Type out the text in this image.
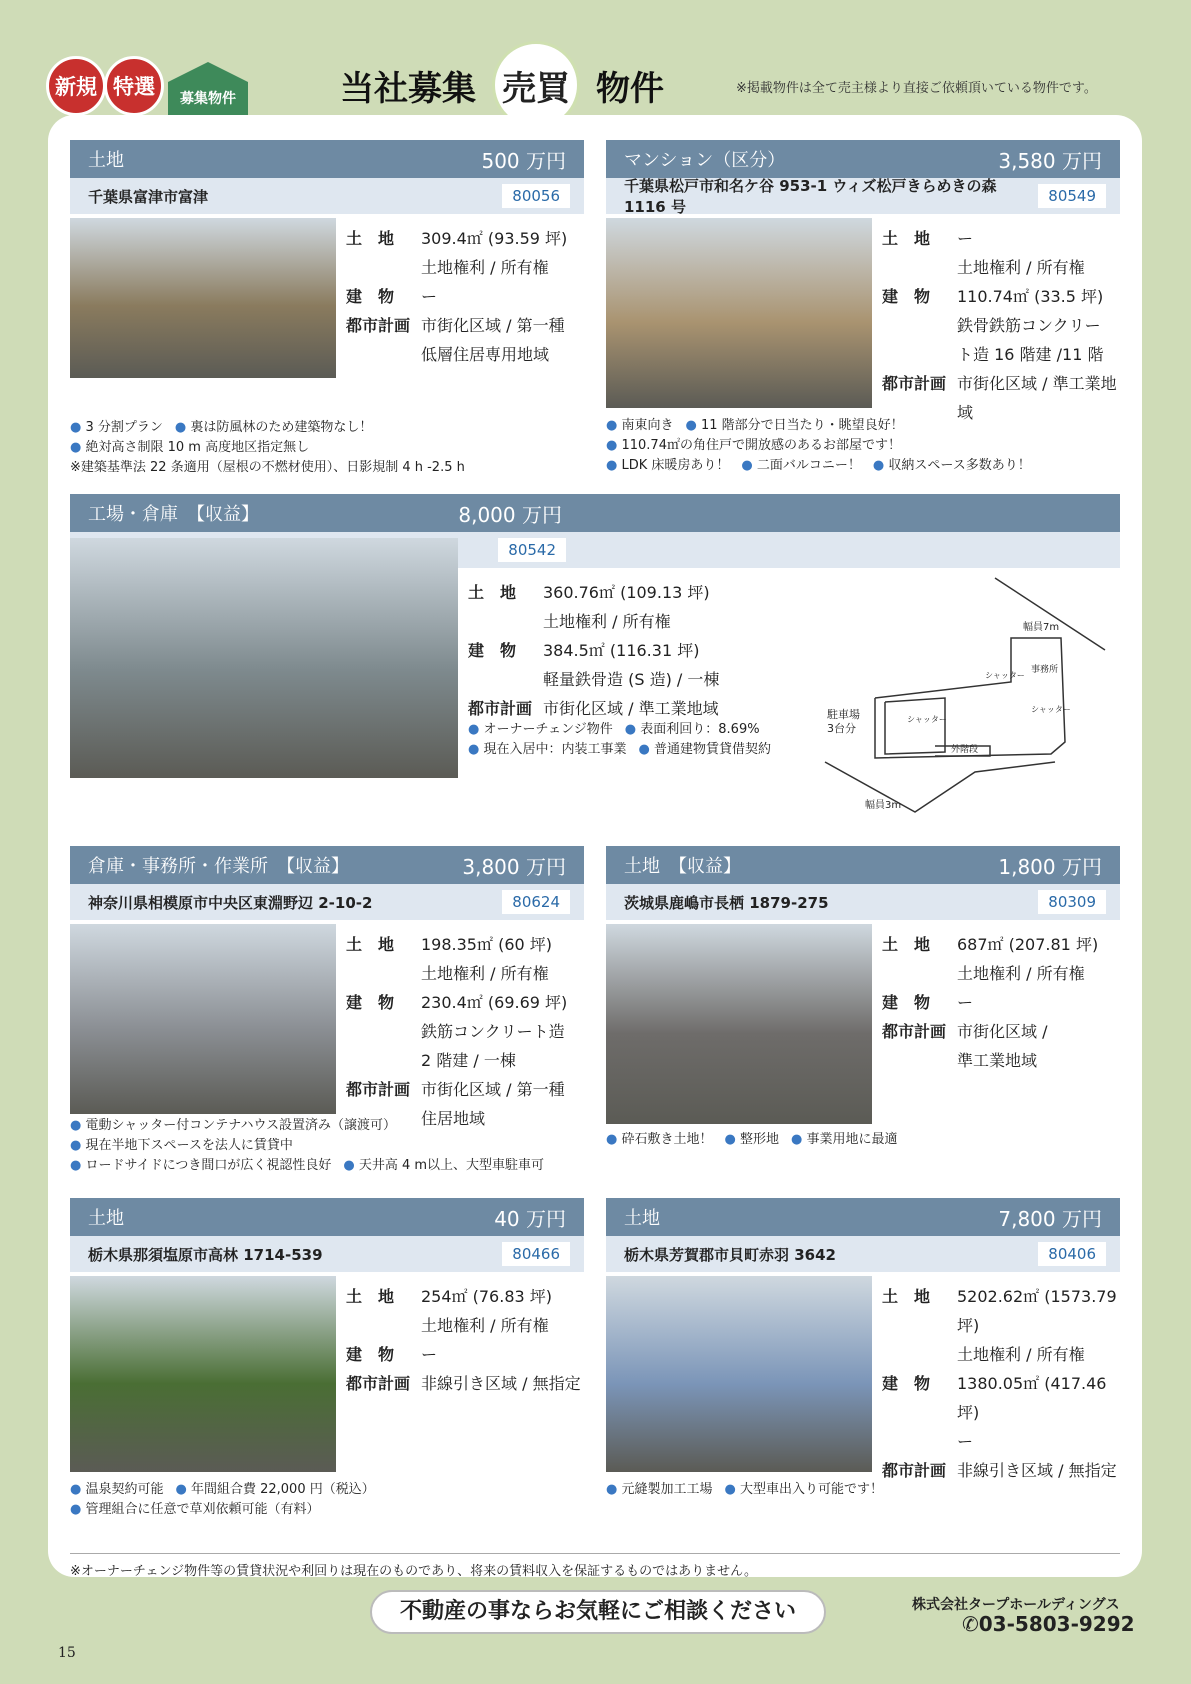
新規 特選	募集物件	当社募集 売買 物件	※掲載物件は全て売主様より直接ご依頼頂いている物件です。
土地	500 万円
千葉県富津市富津	80056
土　地	309.4㎡ (93.59 坪)
土地権利 / 所有権
建　物	ー
都市計画 市街化区域 / 第一種
低層住居専用地域
● 3 分割プラン ● 裏は防風林のため建築物なし！
● 絶対高さ制限 10 m 高度地区指定無し
※建築基準法 22 条適用（屋根の不燃材使用）、日影規制 4 h -2.5 h
マンション（区分）	3,580 万円
千葉県松戸市和名ケ谷 953-1 ウィズ松戸きらめきの森 1116 号
80549
土　地	ー
土地権利 / 所有権
建　物	110.74㎡ (33.5 坪)
鉄骨鉄筋コンクリー
ト造 16 階建 /11 階
都市計画 市街化区域 / 準工業地域
● 南東向き ● 11 階部分で日当たり・眺望良好！
● 110.74㎡の角住戸で開放感のあるお部屋です！
● LDK 床暖房あり！ ● 二面バルコニー！ ● 収納スペース多数あり！
工場・倉庫　【収益】	8,000 万円
80542
土　地	360.76㎡ (109.13 坪)
土地権利 / 所有権
建　物	384.5㎡ (116.31 坪)
軽量鉄骨造 (S 造) / 一棟
都市計画 市街化区域 / 準工業地域
● オーナーチェンジ物件 ● 表面利回り：8.69%
● 現在入居中：内装工事業 ● 普通建物賃貸借契約
幅員7m
幅員3m
駐車場
3台分
外階段
事務所
シャッター
シャッター
シャッター
倉庫・事務所・作業所　【収益】	3,800 万円
神奈川県相模原市中央区東淵野辺 2-10-2	80624
土　地	198.35㎡ (60 坪)
土地権利 / 所有権
建　物	230.4㎡ (69.69 坪)
鉄筋コンクリート造
2 階建 / 一棟
都市計画 市街化区域 / 第一種
住居地域
● 電動シャッター付コンテナハウス設置済み（譲渡可）
● 現在半地下スペースを法人に賃貸中
● ロードサイドにつき間口が広く視認性良好 ● 天井高 4 m以上、大型車駐車可
土地　【収益】	1,800 万円
茨城県鹿嶋市長栖 1879-275	80309
土　地	687㎡ (207.81 坪)
土地権利 / 所有権
建　物	ー
都市計画 市街化区域 /
準工業地域
● 砕石敷き土地！ ● 整形地 ● 事業用地に最適
土地	40 万円
栃木県那須塩原市高林 1714-539	80466
土　地	254㎡ (76.83 坪)
土地権利 / 所有権
建　物	ー
都市計画 非線引き区域 / 無指定
● 温泉契約可能 ● 年間組合費 22,000 円（税込）
● 管理組合に任意で草刈依頼可能（有料）
土地	7,800 万円
栃木県芳賀郡市貝町赤羽 3642	80406
土　地	5202.62㎡ (1573.79 坪)
土地権利 / 所有権
建　物	1380.05㎡ (417.46 坪)
ー
都市計画 非線引き区域 / 無指定
● 元縫製加工工場 ● 大型車出入り可能です！
※オーナーチェンジ物件等の賃貸状況や利回りは現在のものであり、将来の賃料収入を保証するものではありません。
不動産の事ならお気軽にご相談ください	株式会社タープホールディングス
✆03-5803-9292
15
